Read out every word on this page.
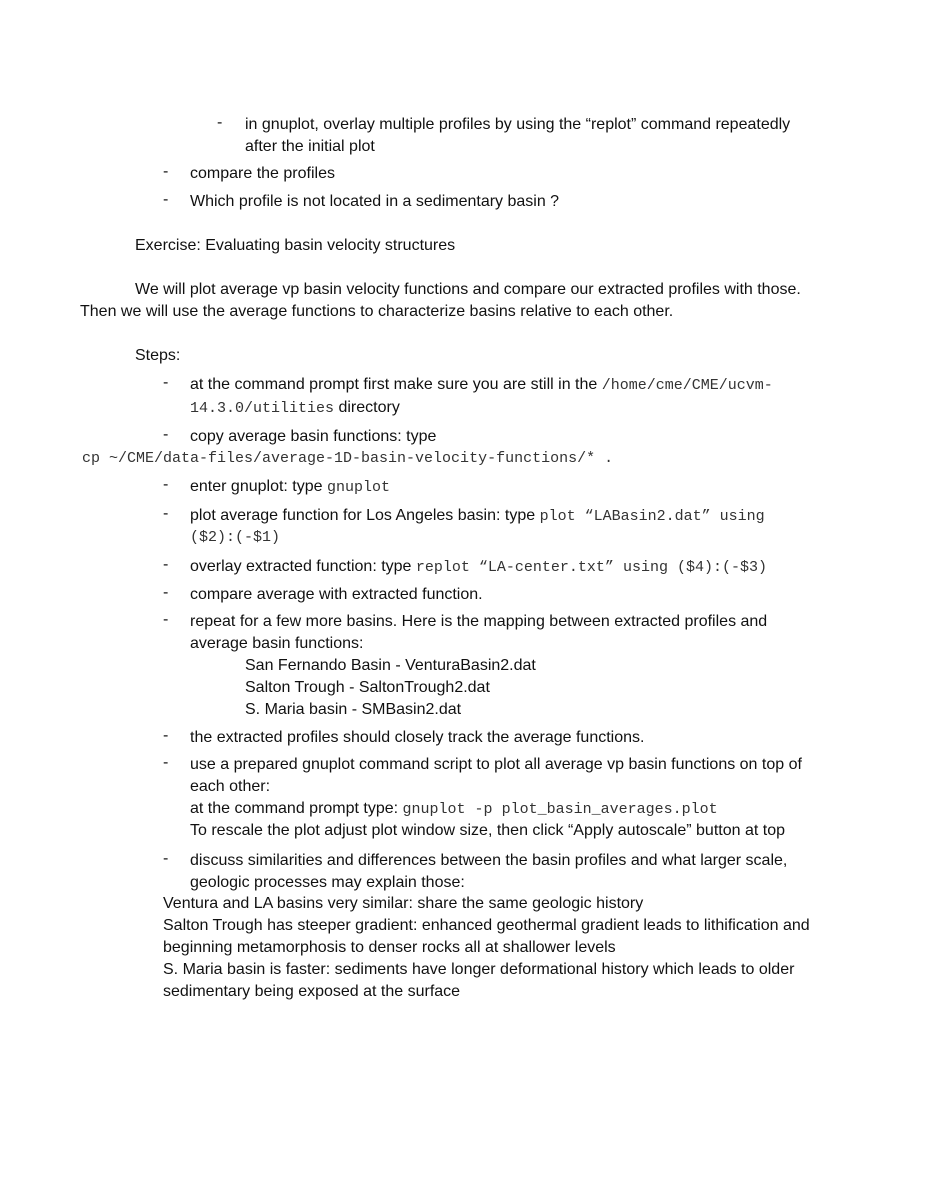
- in gnuplot, overlay multiple profiles by using the “replot” command repeatedly
after the initial plot
- compare the profiles
- Which profile is not located in a sedimentary basin ?
Exercise: Evaluating basin velocity structures
We will plot average vp basin velocity functions and compare our extracted profiles with those.
Then we will use the average functions to characterize basins relative to each other.
Steps:
- at the command prompt first make sure you are still in the /home/cme/CME/ucvm-
14.3.0/utilities directory
- copy average basin functions: type
cp ~/CME/data-files/average-1D-basin-velocity-functions/* .
- enter gnuplot: type gnuplot
- plot average function for Los Angeles basin: type plot “LABasin2.dat” using
($2):(-$1)
- overlay extracted function: type replot “LA-center.txt” using ($4):(-$3)
- compare average with extracted function.
- repeat for a few more basins. Here is the mapping between extracted profiles and
average basin functions:
San Fernando Basin - VenturaBasin2.dat
Salton Trough - SaltonTrough2.dat
S. Maria basin - SMBasin2.dat
- the extracted profiles should closely track the average functions.
- use a prepared gnuplot command script to plot all average vp basin functions on top of
each other:
at the command prompt type: gnuplot -p plot_basin_averages.plot
To rescale the plot adjust plot window size, then click “Apply autoscale” button at top
- discuss similarities and differences between the basin profiles and what larger scale,
geologic processes may explain those:
Ventura and LA basins very similar: share the same geologic history
Salton Trough has steeper gradient: enhanced geothermal gradient leads to lithification and
beginning metamorphosis to denser rocks all at shallower levels
S. Maria basin is faster: sediments have longer deformational history which leads to older
sedimentary being exposed at the surface
